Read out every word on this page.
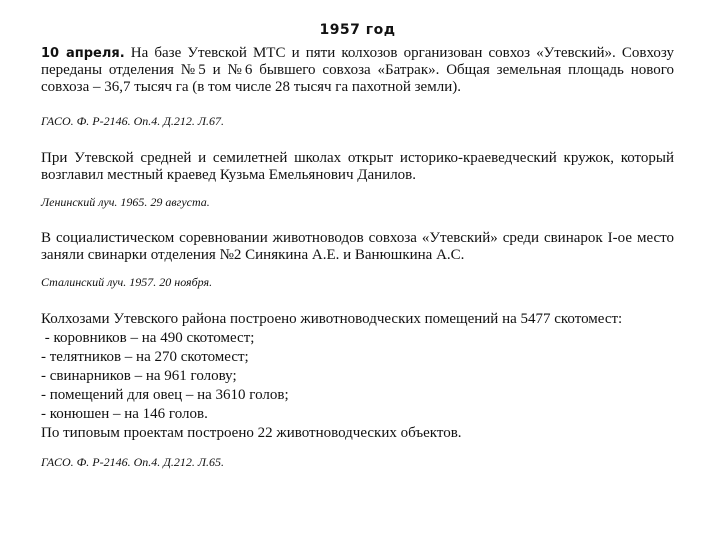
1957 год
10 апреля. На базе Утевской МТС и пяти колхозов организован совхоз «Утевский». Совхозу переданы отделения №5 и №6 бывшего совхоза «Батрак». Общая земельная площадь нового совхоза – 36,7 тысяч га (в том числе 28 тысяч га пахотной земли).
ГАСО. Ф. Р-2146. Оп.4. Д.212. Л.67.
При Утевской средней и семилетней школах открыт историко-краеведческий кружок, который возглавил местный краевед Кузьма Емельянович Данилов.
Ленинский луч. 1965. 29 августа.
В социалистическом соревновании животноводов совхоза «Утевский» среди свинарок I-ое место заняли свинарки отделения №2 Синякина А.Е. и Ванюшкина А.С.
Сталинский луч. 1957. 20 ноября.
Колхозами Утевского района построено животноводческих помещений на 5477 скотомест:
- коровников – на 490 скотомест;
- телятников – на 270 скотомест;
- свинарников – на 961 голову;
- помещений для овец – на 3610 голов;
- конюшен – на 146 голов.
По типовым проектам построено 22 животноводческих объектов.
ГАСО. Ф. Р-2146. Оп.4. Д.212. Л.65.
